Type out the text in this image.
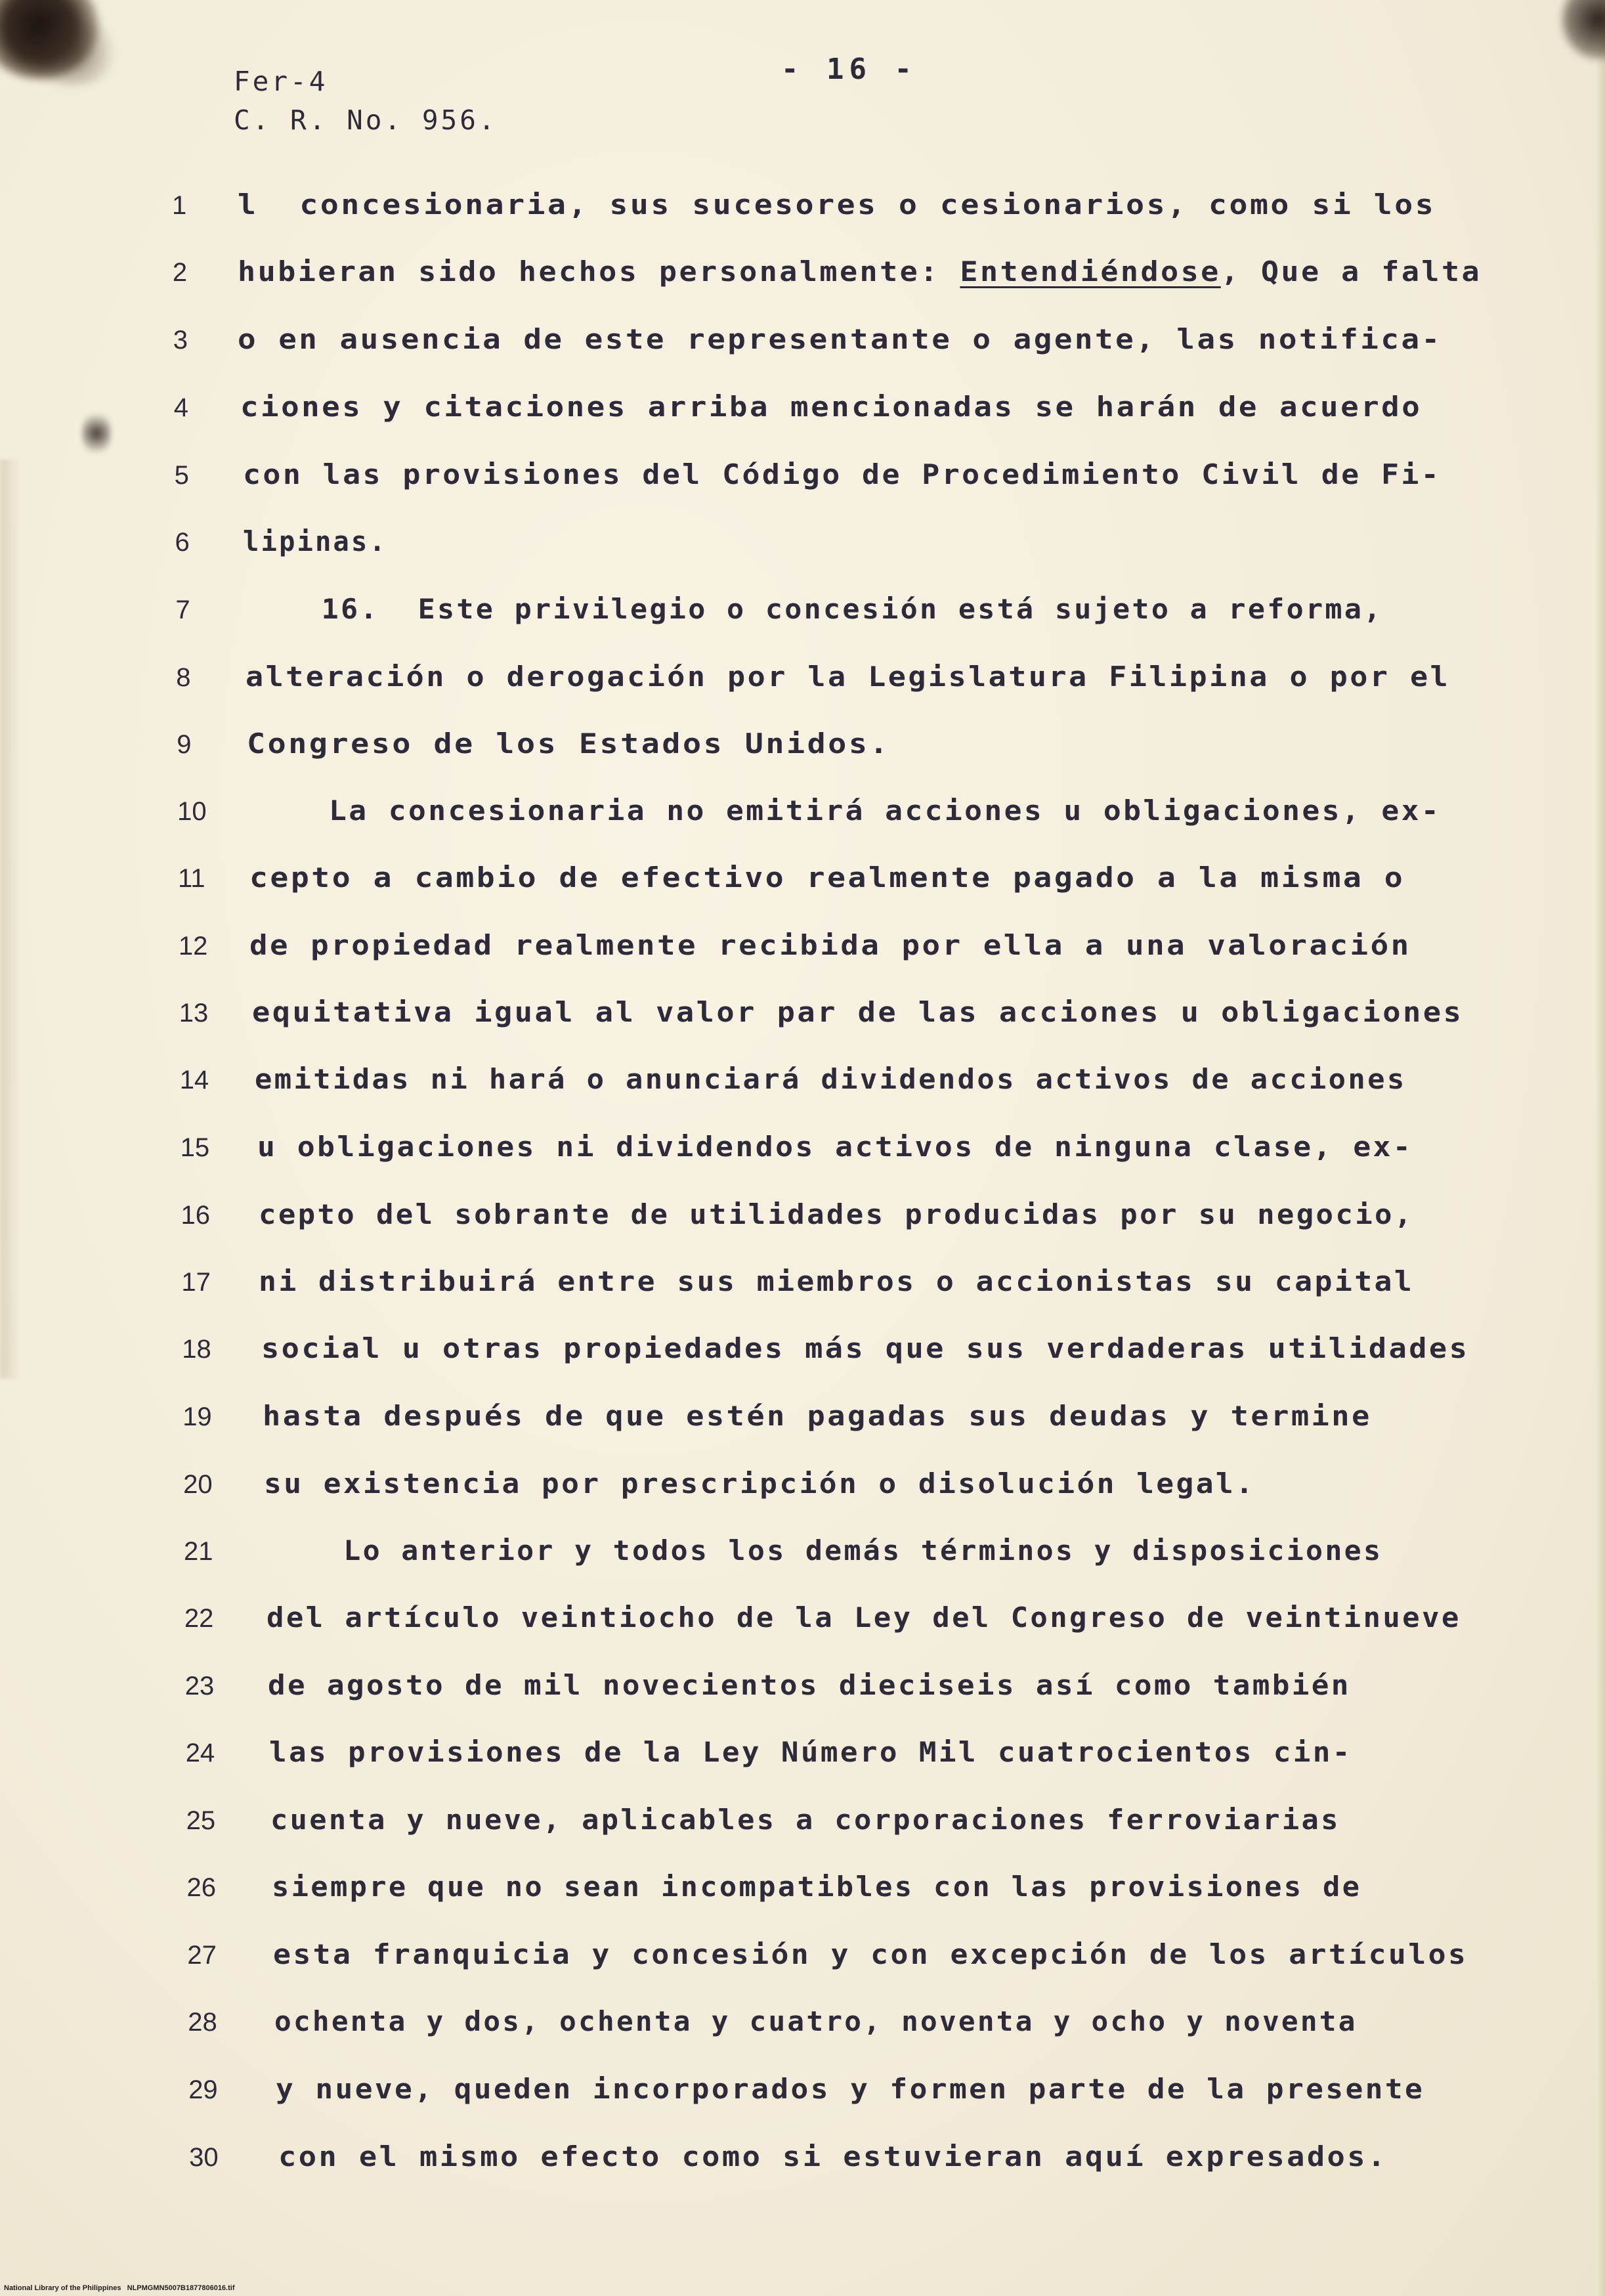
Fer-4
C. R. No. 956.
- 16 -
1
2
3
4
5
6
7
8
9
10
11
12
13
14
15
16
17
18
19
20
21
22
23
24
25
26
27
28
29
30
l  concesionaria, sus sucesores o cesionarios, como si los
hubieran sido hechos personalmente: Entendiéndose, Que a falta
o en ausencia de este representante o agente, las notifica-
ciones y citaciones arriba mencionadas se harán de acuerdo
con las provisiones del Código de Procedimiento Civil de Fi-
lipinas.
16.  Este privilegio o concesión está sujeto a reforma,
alteración o derogación por la Legislatura Filipina o por el
Congreso de los Estados Unidos.
La concesionaria no emitirá acciones u obligaciones, ex-
cepto a cambio de efectivo realmente pagado a la misma o
de propiedad realmente recibida por ella a una valoración
equitativa igual al valor par de las acciones u obligaciones
emitidas ni hará o anunciará dividendos activos de acciones
u obligaciones ni dividendos activos de ninguna clase, ex-
cepto del sobrante de utilidades producidas por su negocio,
ni distribuirá entre sus miembros o accionistas su capital
social u otras propiedades más que sus verdaderas utilidades
hasta después de que estén pagadas sus deudas y termine
su existencia por prescripción o disolución legal.
Lo anterior y todos los demás términos y disposiciones
del artículo veintiocho de la Ley del Congreso de veintinueve
de agosto de mil novecientos dieciseis así como también
las provisiones de la Ley Número Mil cuatrocientos cin-
cuenta y nueve, aplicables a corporaciones ferroviarias
siempre que no sean incompatibles con las provisiones de
esta franquicia y concesión y con excepción de los artículos
ochenta y dos, ochenta y cuatro, noventa y ocho y noventa
y nueve, queden incorporados y formen parte de la presente
con el mismo efecto como si estuvieran aquí expresados.
National Library of the Philippines   NLPMGMN5007B1877806016.tif
